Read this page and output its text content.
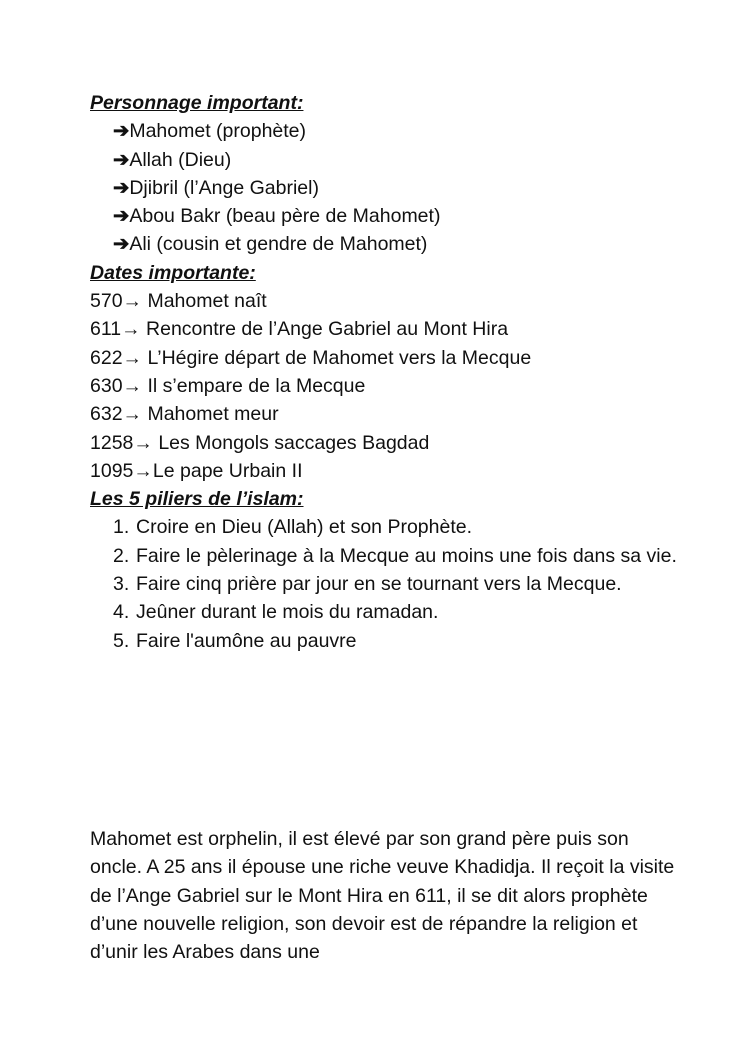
Personnage important:
➔Mahomet (prophète)
➔Allah (Dieu)
➔Djibril (l’Ange Gabriel)
➔Abou Bakr (beau père de Mahomet)
➔Ali (cousin et gendre de Mahomet)
Dates importante:
570→ Mahomet naît
611→ Rencontre de l’Ange Gabriel au Mont Hira
622→ L’Hégire départ de Mahomet vers la Mecque
630→ Il s’empare de la Mecque
632→ Mahomet meur
1258→ Les Mongols saccages Bagdad
1095→Le pape Urbain II
Les 5 piliers de l’islam:
1. Croire en Dieu (Allah) et son Prophète.
2. Faire le pèlerinage à la Mecque au moins une fois dans sa vie.
3. Faire cinq prière par jour en se tournant vers la Mecque.
4. Jeûner durant le mois du ramadan.
5. Faire l'aumône au pauvre

Mahomet est orphelin, il est élevé par son grand père puis son oncle. A 25 ans il épouse une riche veuve Khadidja. Il reçoit la visite de l’Ange Gabriel sur le Mont Hira en 611, il se dit alors prophète d’une nouvelle religion, son devoir est de répandre la religion et d’unir les Arabes dans une
